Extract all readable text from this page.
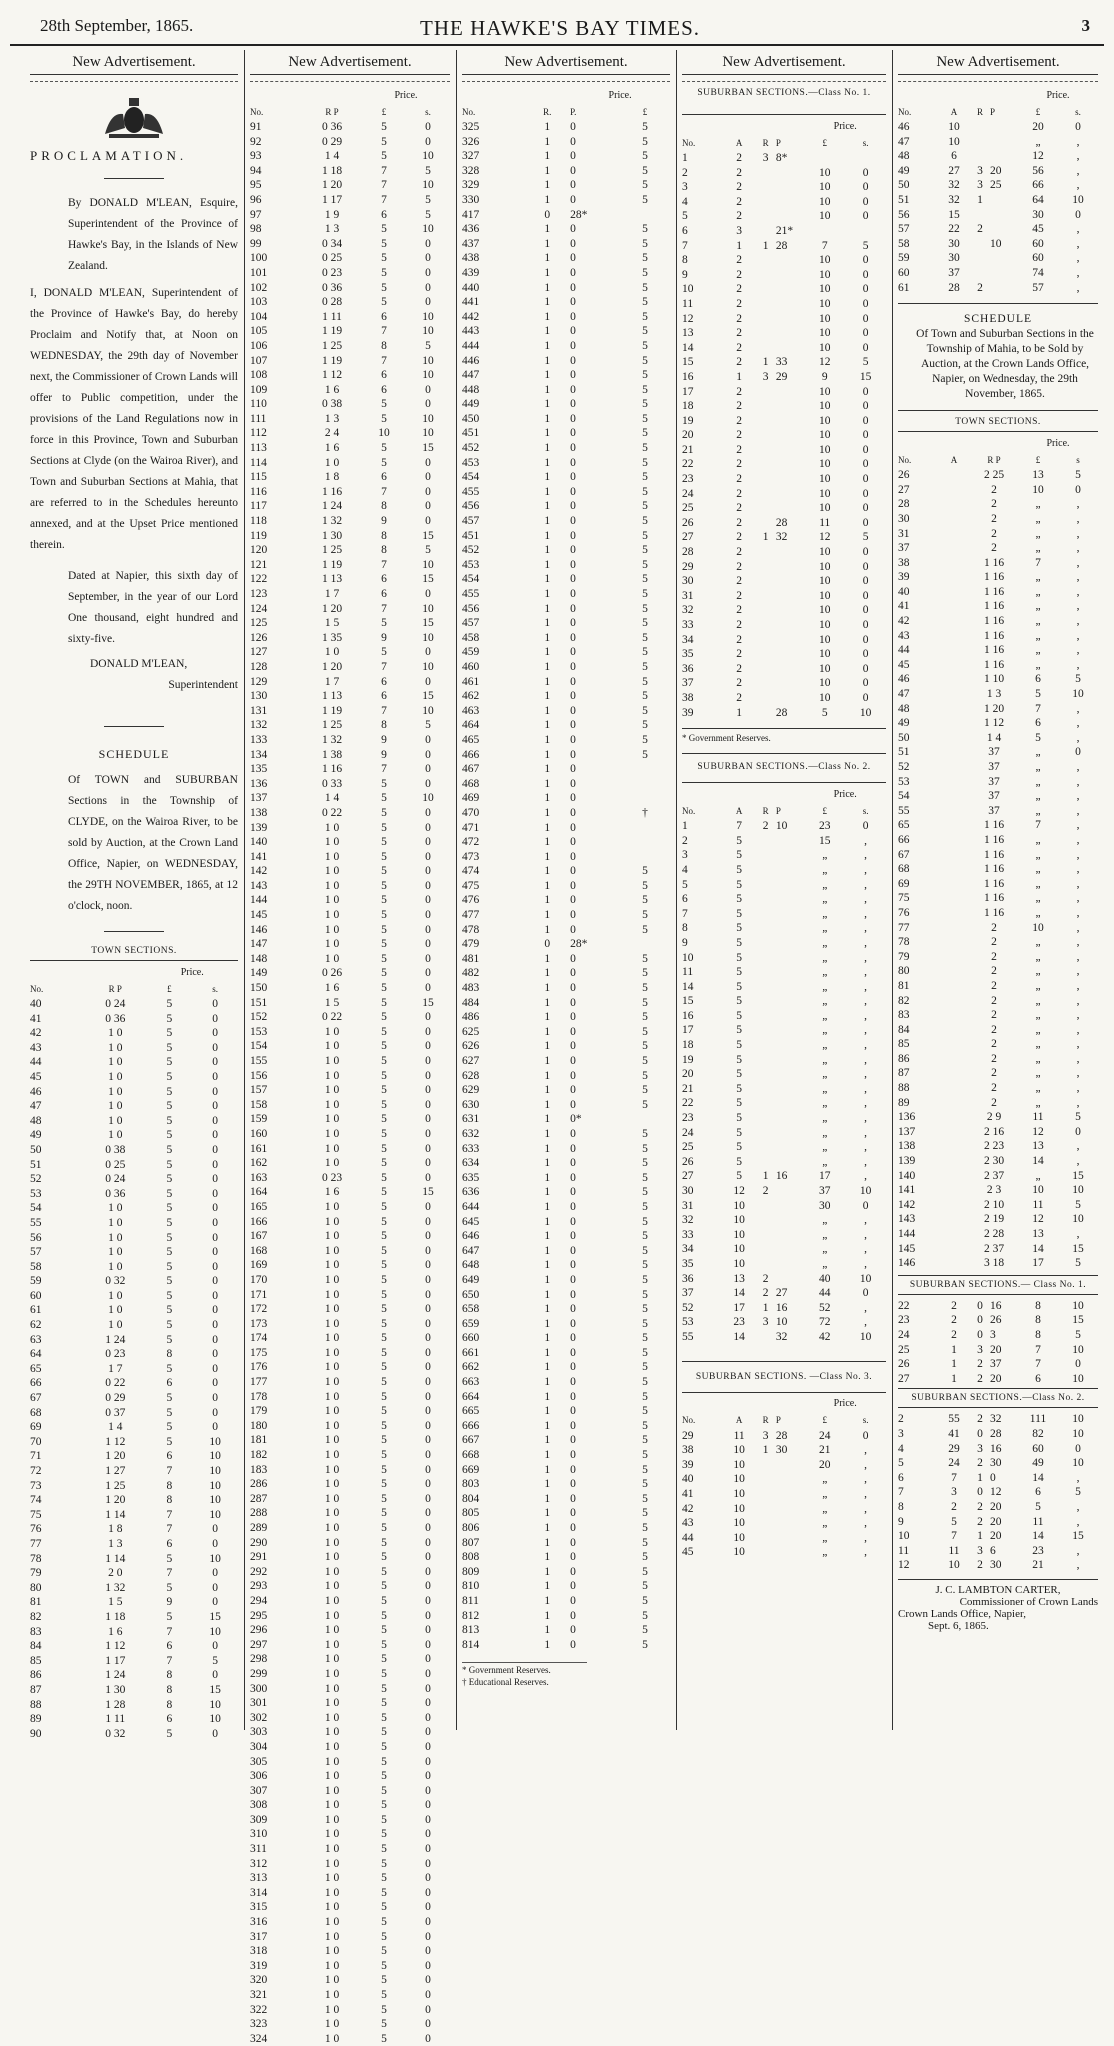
28th September, 1865.	THE HAWKE'S BAY TIMES.	3
New Advertisement.
PROCLAMATION.
By DONALD M'LEAN, Esquire, Superintendent of the Province of Hawke's Bay, in the Islands of New Zealand.
I, DONALD M'LEAN, Superintendent of the Province of Hawke's Bay, do hereby Proclaim and Notify that, at Noon on WEDNESDAY, the 29th day of November next, the Commissioner of Crown Lands will offer to Public competition, under the provisions of the Land Regulations now in force in this Province, Town and Suburban Sections at Clyde (on the Wairoa River), and Town and Suburban Sections at Mahia, that are referred to in the Schedules hereunto annexed, and at the Upset Price mentioned therein.
Dated at Napier, this sixth day of September, in the year of our Lord One thousand, eight hundred and sixty-five.
DONALD M'LEAN,
Superintendent
SCHEDULE
Of TOWN and SUBURBAN Sections in the Township of CLYDE, on the Wairoa River, to be sold by Auction, at the Crown Land Office, Napier, on WEDNESDAY, the 29TH NOVEMBER, 1865, at 12 o'clock, noon.
TOWN SECTIONS.
		Price.	
No.	R P	£	s.
40	0 24	5	0
41	0 36	5	0
42	1 0	5	0
43	1 0	5	0
44	1 0	5	0
45	1 0	5	0
46	1 0	5	0
47	1 0	5	0
48	1 0	5	0
49	1 0	5	0
50	0 38	5	0
51	0 25	5	0
52	0 24	5	0
53	0 36	5	0
54	1 0	5	0
55	1 0	5	0
56	1 0	5	0
57	1 0	5	0
58	1 0	5	0
59	0 32	5	0
60	1 0	5	0
61	1 0	5	0
62	1 0	5	0
63	1 24	5	0
64	0 23	8	0
65	1 7	5	0
66	0 22	6	0
67	0 29	5	0
68	0 37	5	0
69	1 4	5	0
70	1 12	5	10
71	1 20	6	10
72	1 27	7	10
73	1 25	8	10
74	1 20	8	10
75	1 14	7	10
76	1 8	7	0
77	1 3	6	0
78	1 14	5	10
79	2 0	7	0
80	1 32	5	0
81	1 5	9	0
82	1 18	5	15
83	1 6	7	10
84	1 12	6	0
85	1 17	7	5
86	1 24	8	0
87	1 30	8	15
88	1 28	8	10
89	1 11	6	10
90	0 32	5	0
New Advertisement.
		Price.	
No.	R P	£	s.
91	0 36	5	0
92	0 29	5	0
93	1 4	5	10
94	1 18	7	5
95	1 20	7	10
96	1 17	7	5
97	1 9	6	5
98	1 3	5	10
99	0 34	5	0
100	0 25	5	0
101	0 23	5	0
102	0 36	5	0
103	0 28	5	0
104	1 11	6	10
105	1 19	7	10
106	1 25	8	5
107	1 19	7	10
108	1 12	6	10
109	1 6	6	0
110	0 38	5	0
111	1 3	5	10
112	2 4	10	10
113	1 6	5	15
114	1 0	5	0
115	1 8	6	0
116	1 16	7	0
117	1 24	8	0
118	1 32	9	0
119	1 30	8	15
120	1 25	8	5
121	1 19	7	10
122	1 13	6	15
123	1 7	6	0
124	1 20	7	10
125	1 5	5	15
126	1 35	9	10
127	1 0	5	0
128	1 20	7	10
129	1 7	6	0
130	1 13	6	15
131	1 19	7	10
132	1 25	8	5
133	1 32	9	0
134	1 38	9	0
135	1 16	7	0
136	0 33	5	0
137	1 4	5	10
138	0 22	5	0
139	1 0	5	0
140	1 0	5	0
141	1 0	5	0
142	1 0	5	0
143	1 0	5	0
144	1 0	5	0
145	1 0	5	0
146	1 0	5	0
147	1 0	5	0
148	1 0	5	0
149	0 26	5	0
150	1 6	5	0
151	1 5	5	15
152	0 22	5	0
153	1 0	5	0
154	1 0	5	0
155	1 0	5	0
156	1 0	5	0
157	1 0	5	0
158	1 0	5	0
159	1 0	5	0
160	1 0	5	0
161	1 0	5	0
162	1 0	5	0
163	0 23	5	0
164	1 6	5	15
165	1 0	5	0
166	1 0	5	0
167	1 0	5	0
168	1 0	5	0
169	1 0	5	0
170	1 0	5	0
171	1 0	5	0
172	1 0	5	0
173	1 0	5	0
174	1 0	5	0
175	1 0	5	0
176	1 0	5	0
177	1 0	5	0
178	1 0	5	0
179	1 0	5	0
180	1 0	5	0
181	1 0	5	0
182	1 0	5	0
183	1 0	5	0
286	1 0	5	0
287	1 0	5	0
288	1 0	5	0
289	1 0	5	0
290	1 0	5	0
291	1 0	5	0
292	1 0	5	0
293	1 0	5	0
294	1 0	5	0
295	1 0	5	0
296	1 0	5	0
297	1 0	5	0
298	1 0	5	0
299	1 0	5	0
300	1 0	5	0
301	1 0	5	0
302	1 0	5	0
303	1 0	5	0
304	1 0	5	0
305	1 0	5	0
306	1 0	5	0
307	1 0	5	0
308	1 0	5	0
309	1 0	5	0
310	1 0	5	0
311	1 0	5	0
312	1 0	5	0
313	1 0	5	0
314	1 0	5	0
315	1 0	5	0
316	1 0	5	0
317	1 0	5	0
318	1 0	5	0
319	1 0	5	0
320	1 0	5	0
321	1 0	5	0
322	1 0	5	0
323	1 0	5	0
324	1 0	5	0
New Advertisement.
		Price.	
No.	R.	P.	£
325	1	0	5
326	1	0	5
327	1	0	5
328	1	0	5
329	1	0	5
330	1	0	5
417	0	28*	
436	1	0	5
437	1	0	5
438	1	0	5
439	1	0	5
440	1	0	5
441	1	0	5
442	1	0	5
443	1	0	5
444	1	0	5
446	1	0	5
447	1	0	5
448	1	0	5
449	1	0	5
450	1	0	5
451	1	0	5
452	1	0	5
453	1	0	5
454	1	0	5
455	1	0	5
456	1	0	5
457	1	0	5
451	1	0	5
452	1	0	5
453	1	0	5
454	1	0	5
455	1	0	5
456	1	0	5
457	1	0	5
458	1	0	5
459	1	0	5
460	1	0	5
461	1	0	5
462	1	0	5
463	1	0	5
464	1	0	5
465	1	0	5
466	1	0	5
467	1	0	
468	1	0	
469	1	0	
470	1	0	†
471	1	0	
472	1	0	
473	1	0	
474	1	0	5
475	1	0	5
476	1	0	5
477	1	0	5
478	1	0	5
479	0	28*	
481	1	0	5
482	1	0	5
483	1	0	5
484	1	0	5
486	1	0	5
625	1	0	5
626	1	0	5
627	1	0	5
628	1	0	5
629	1	0	5
630	1	0	5
631	1	0*	
632	1	0	5
633	1	0	5
634	1	0	5
635	1	0	5
636	1	0	5
644	1	0	5
645	1	0	5
646	1	0	5
647	1	0	5
648	1	0	5
649	1	0	5
650	1	0	5
658	1	0	5
659	1	0	5
660	1	0	5
661	1	0	5
662	1	0	5
663	1	0	5
664	1	0	5
665	1	0	5
666	1	0	5
667	1	0	5
668	1	0	5
669	1	0	5
803	1	0	5
804	1	0	5
805	1	0	5
806	1	0	5
807	1	0	5
808	1	0	5
809	1	0	5
810	1	0	5
811	1	0	5
812	1	0	5
813	1	0	5
814	1	0	5
* Government Reserves.
† Educational Reserves.
New Advertisement.
SUBURBAN SECTIONS.—Class No. 1.
				Price.	
No.	A	R	P	£	s.
1	2	3	8*		
2	2			10	0
3	2			10	0
4	2			10	0
5	2			10	0
6	3		21*		
7	1	1	28	7	5
8	2			10	0
9	2			10	0
10	2			10	0
11	2			10	0
12	2			10	0
13	2			10	0
14	2			10	0
15	2	1	33	12	5
16	1	3	29	9	15
17	2			10	0
18	2			10	0
19	2			10	0
20	2			10	0
21	2			10	0
22	2			10	0
23	2			10	0
24	2			10	0
25	2			10	0
26	2		28	11	0
27	2	1	32	12	5
28	2			10	0
29	2			10	0
30	2			10	0
31	2			10	0
32	2			10	0
33	2			10	0
34	2			10	0
35	2			10	0
36	2			10	0
37	2			10	0
38	2			10	0
39	1		28	5	10
* Government Reserves.
SUBURBAN SECTIONS.—Class No. 2.
				Price.	
No.	A	R	P	£	s.
1	7	2	10	23	0
2	5			15	,
3	5			„	,
4	5			„	,
5	5			„	,
6	5			„	,
7	5			„	,
8	5			„	,
9	5			„	,
10	5			„	,
11	5			„	,
14	5			„	,
15	5			„	,
16	5			„	,
17	5			„	,
18	5			„	,
19	5			„	,
20	5			„	,
21	5			„	,
22	5			„	,
23	5			„	,
24	5			„	,
25	5			„	,
26	5			„	,
27	5	1	16	17	,
30	12	2		37	10
31	10			30	0
32	10			„	,
33	10			„	,
34	10			„	,
35	10			„	,
36	13	2		40	10
37	14	2	27	44	0
52	17	1	16	52	,
53	23	3	10	72	,
55	14		32	42	10
SUBURBAN SECTIONS. —Class No. 3.
				Price.	
No.	A	R	P	£	s.
29	11	3	28	24	0
38	10	1	30	21	,
39	10			20	,
40	10			„	,
41	10			„	,
42	10			„	,
43	10			„	,
44	10			„	,
45	10			„	,
New Advertisement.
				Price.	
No.	A	R	P	£	s.
46	10			20	0
47	10			„	,
48	6			12	,
49	27	3	20	56	,
50	32	3	25	66	,
51	32	1		64	10
56	15			30	0
57	22	2		45	,
58	30		10	60	,
59	30			60	,
60	37			74	,
61	28	2		57	,
SCHEDULE
Of Town and Suburban Sections in the Township of Mahia, to be Sold by Auction, at the Crown Lands Office, Napier, on Wednesday, the 29th November, 1865.
TOWN SECTIONS.
			Price.	
No.	A	R P	£	s
26		2 25	13	5
27		2	10	0
28		2	„	,
30		2	„	,
31		2	„	,
37		2	„	,
38		1 16	7	,
39		1 16	„	,
40		1 16	„	,
41		1 16	„	,
42		1 16	„	,
43		1 16	„	,
44		1 16	„	,
45		1 16	„	,
46		1 10	6	5
47		1 3	5	10
48		1 20	7	,
49		1 12	6	,
50		1 4	5	,
51		37	„	0
52		37	„	,
53		37	„	,
54		37	„	,
55		37	„	,
65		1 16	7	,
66		1 16	„	,
67		1 16	„	,
68		1 16	„	,
69		1 16	„	,
75		1 16	„	,
76		1 16	„	,
77		2	10	,
78		2	„	,
79		2	„	,
80		2	„	,
81		2	„	,
82		2	„	,
83		2	„	,
84		2	„	,
85		2	„	,
86		2	„	,
87		2	„	,
88		2	„	,
89		2	„	,
136		2 9	11	5
137		2 16	12	0
138		2 23	13	,
139		2 30	14	,
140		2 37	„	15
141		2 3	10	10
142		2 10	11	5
143		2 19	12	10
144		2 28	13	,
145		2 37	14	15
146		3 18	17	5
SUBURBAN SECTIONS.— Class No. 1.
22	2	0	16	8	10
23	2	0	26	8	15
24	2	0	3	8	5
25	1	3	20	7	10
26	1	2	37	7	0
27	1	2	20	6	10
SUBURBAN SECTIONS.—Class No. 2.
2	55	2	32	111	10
3	41	0	28	82	10
4	29	3	16	60	0
5	24	2	30	49	10
6	7	1	0	14	,
7	3	0	12	6	5
8	2	2	20	5	,
9	5	2	20	11	,
10	7	1	20	14	15
11	11	3	6	23	,
12	10	2	30	21	,
J. C. LAMBTON CARTER,
Commissioner of Crown Lands
Crown Lands Office, Napier,
Sept. 6, 1865.
